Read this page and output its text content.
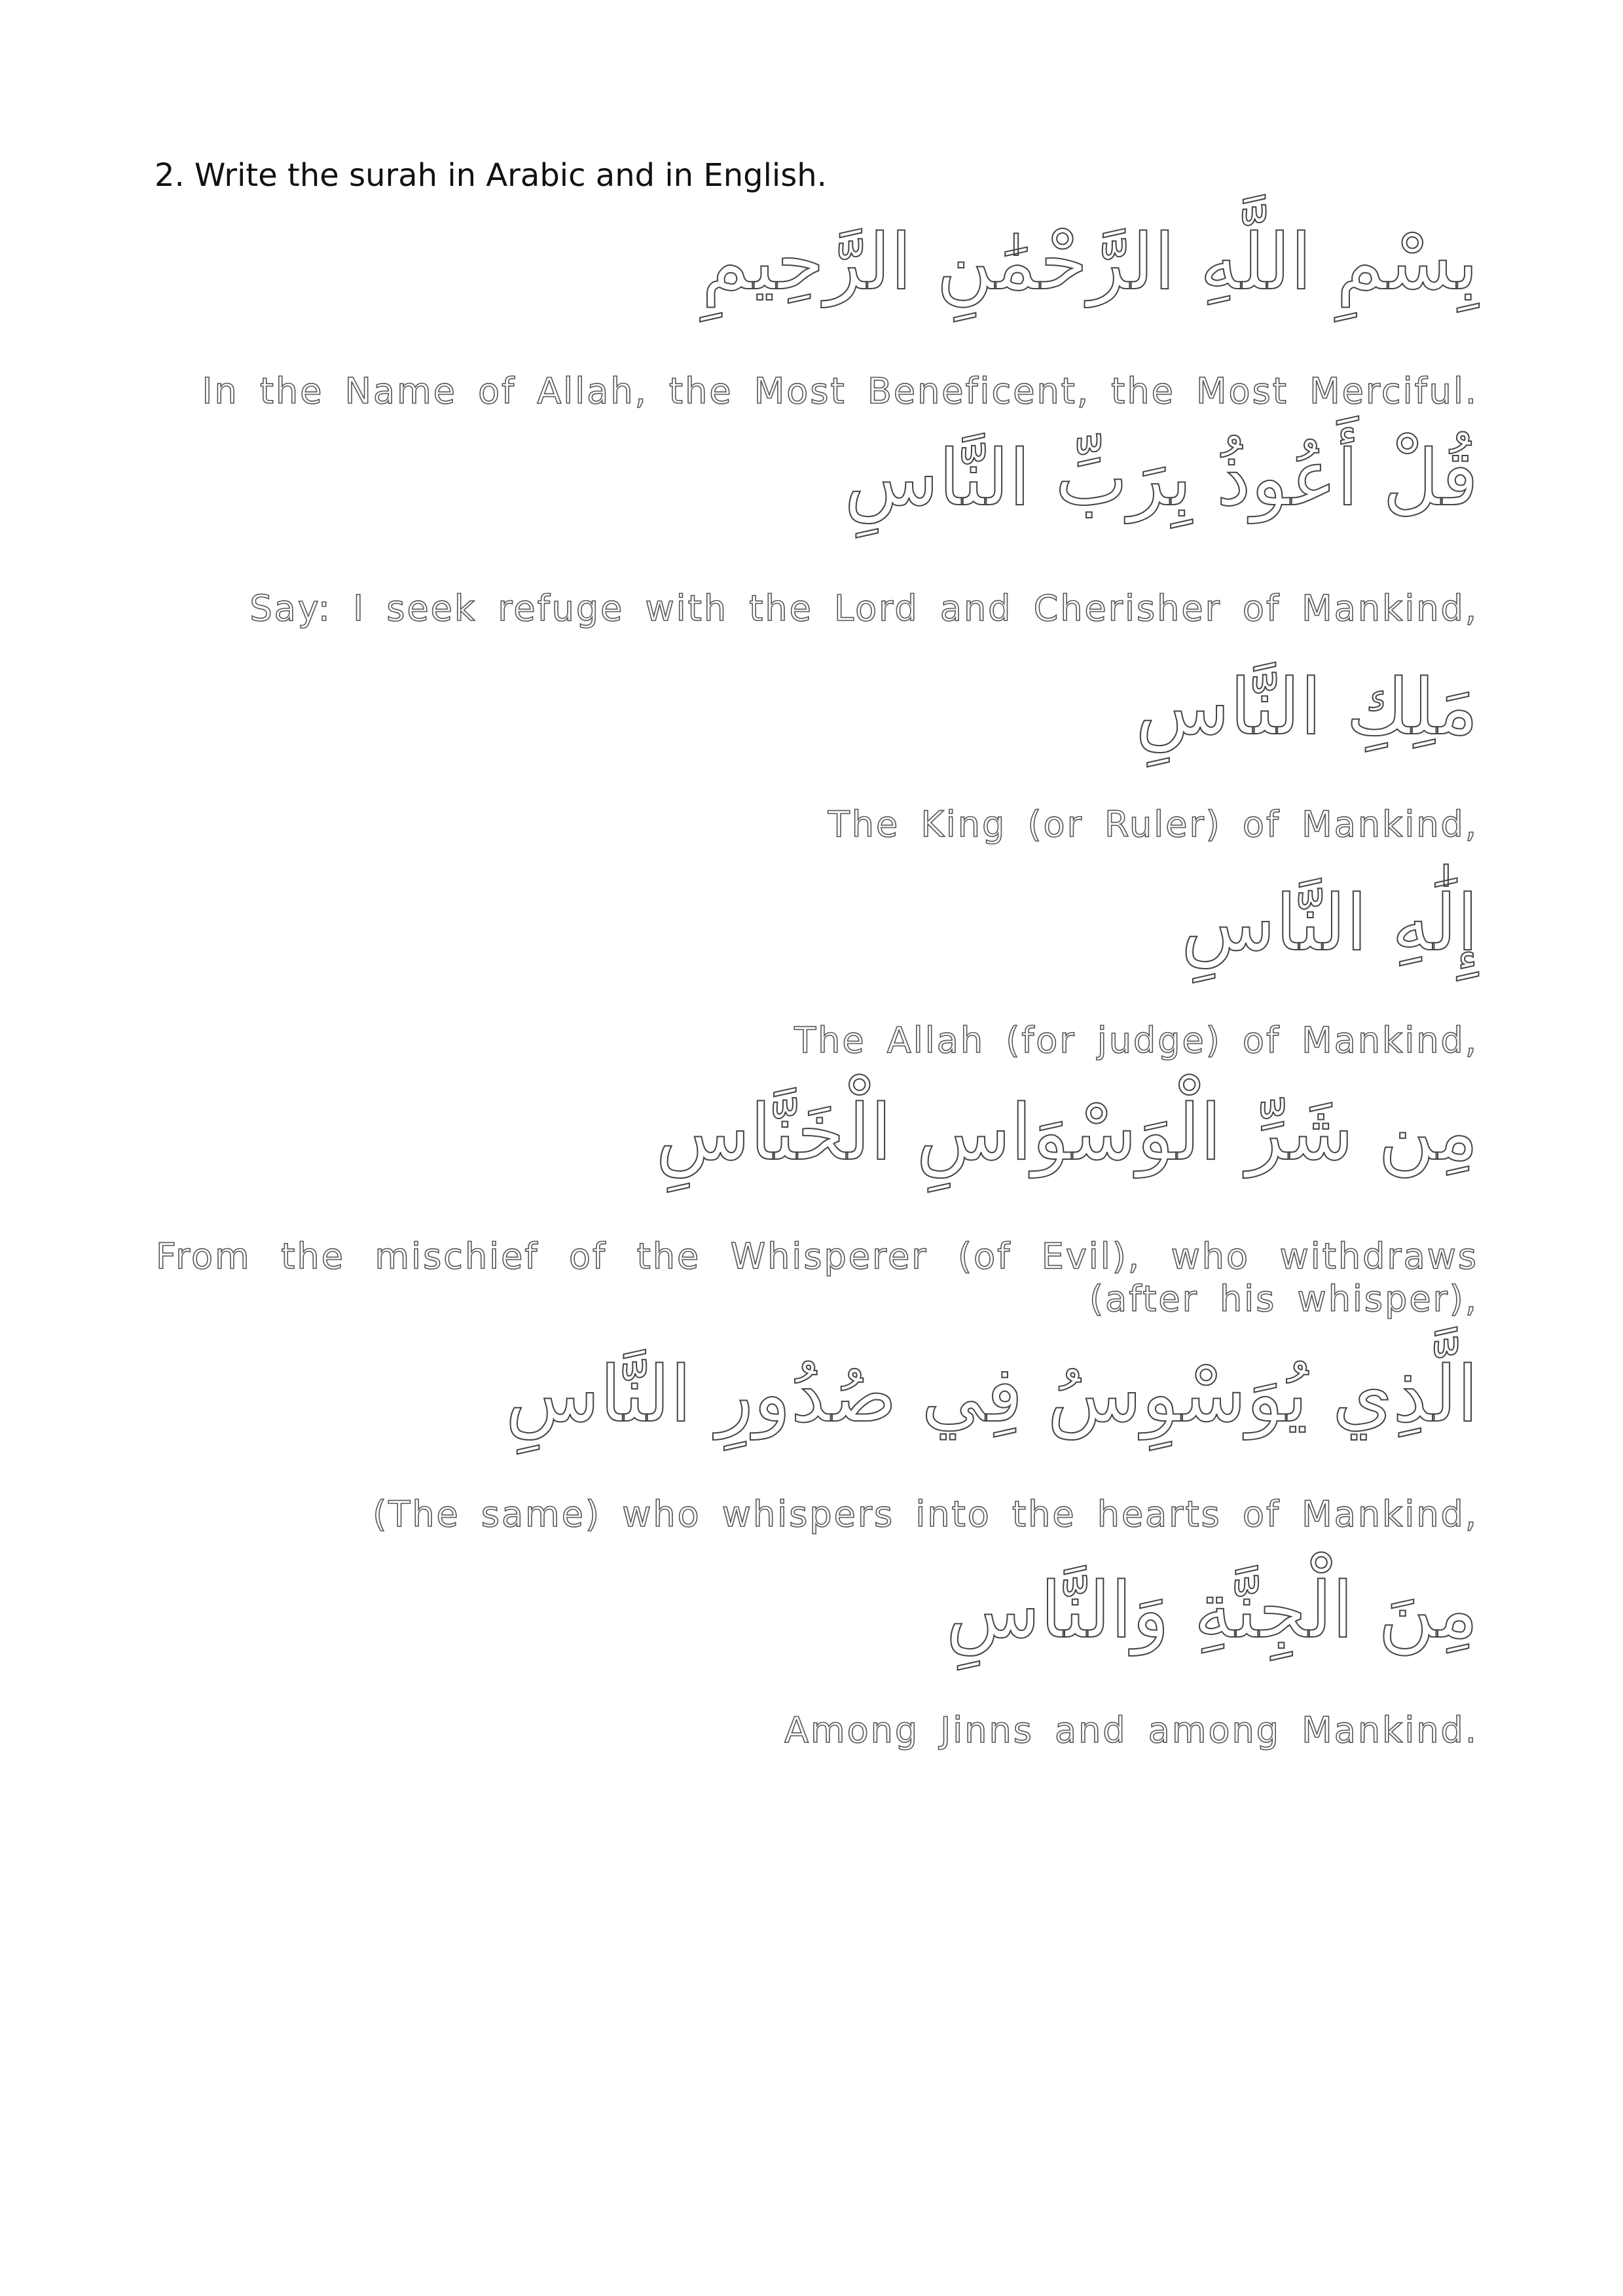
2. Write the surah in Arabic and in English.
بِسْمِ اللَّهِ الرَّحْمَٰنِ الرَّحِيمِ
In the Name of Allah, the Most Beneficent, the Most Merciful.
قُلْ أَعُوذُ بِرَبِّ النَّاسِ
Say: I seek refuge with the Lord and Cherisher of Mankind,
مَلِكِ النَّاسِ
The King (or Ruler) of Mankind,
إِلَٰهِ النَّاسِ
The Allah (for judge) of Mankind,
مِن شَرِّ الْوَسْوَاسِ الْخَنَّاسِ
From the mischief of the Whisperer (of Evil), who withdraws (after his whisper),
الَّذِي يُوَسْوِسُ فِي صُدُورِ النَّاسِ
(The same) who whispers into the hearts of Mankind,
مِنَ الْجِنَّةِ وَالنَّاسِ
Among Jinns and among Mankind.
